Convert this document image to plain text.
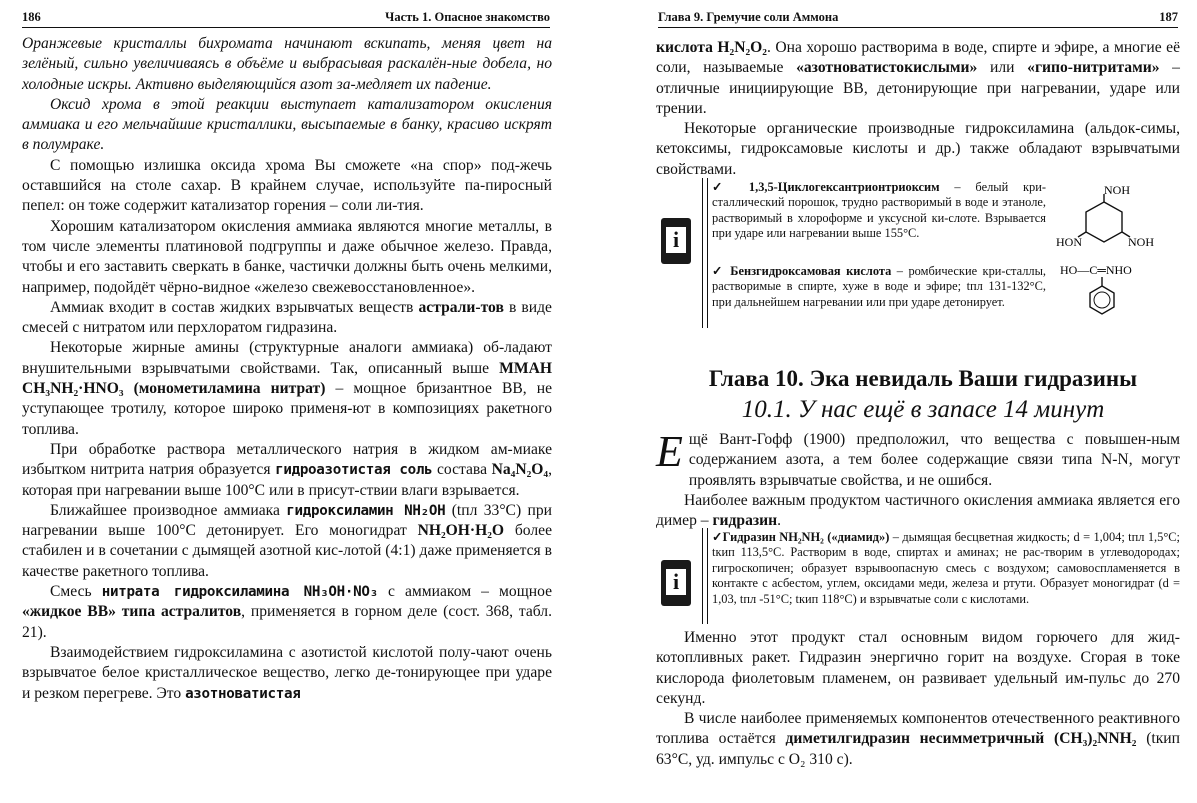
186	Часть 1. Опасное знакомство

Оранжевые кристаллы бихромата начинают вскипать, меняя цвет на зелёный, сильно увеличиваясь в объёме и выбрасывая раскалён-ные добела, но холодные искры. Активно выделяющийся азот за-медляет их падение.

Оксид хрома в этой реакции выступает катализатором окисления аммиака и его мельчайшие кристаллики, высыпаемые в банку, красиво искрят в полумраке.

С помощью излишка оксида хрома Вы сможете «на спор» под-жечь оставшийся на столе сахар. В крайнем случае, используйте па-пиросный пепел: он тоже содержит катализатор горения – соли ли-тия.

Хорошим катализатором окисления аммиака являются многие металлы, в том числе элементы платиновой подгруппы и даже обычное железо. Правда, чтобы и его заставить сверкать в банке, частички должны быть очень мелкими, например, подойдёт чёрно-видное «железо свежевосстановленное».

Аммиак входит в состав жидких взрывчатых веществ астрали-тов в виде смесей с нитратом или перхлоратом гидразина.

Некоторые жирные амины (структурные аналоги аммиака) об-ладают внушительными взрывчатыми свойствами. Так, описанный выше ММАН CH₃NH₂·HNO₃ (монометиламина нитрат) – мощное бризантное ВВ, не уступающее тротилу, которое широко применя-ют в композициях ракетного топлива.

При обработке раствора металлического натрия в жидком ам-миаке избытком нитрита натрия образуется гидроазотистая соль состава Na₄N₂O₄, которая при нагревании выше 100°C или в присут-ствии влаги взрывается.

Ближайшее производное аммиака гидроксиламин NH₂OH (tпл 33°C) при нагревании выше 100°C детонирует. Его моногидрат NH₂OH·H₂O более стабилен и в сочетании с дымящей азотной кис-лотой (4:1) даже применяется в качестве ракетного топлива.

Смесь нитрата гидроксиламина NH₃OH·NO₃ с аммиаком – мощное «жидкое ВВ» типа астралитов, применяется в горном деле (сост. 368, табл. 21).

Взаимодействием гидроксиламина с азотистой кислотой полу-чают очень взрывчатое белое кристаллическое вещество, легко де-тонирующее при ударе и резком перегреве. Это азотноватистая

Глава 9. Гремучие соли Аммона	187

кислота H₂N₂O₂. Она хорошо растворима в воде, спирте и эфире, а многие её соли, называемые «азотноватистокислыми» или «гипо-нитритами» – отличные инициирующие ВВ, детонирующие при нагревании, ударе или трении.

Некоторые органические производные гидроксиламина (альдок-симы, кетоксимы, гидроксамовые кислоты и др.) также обладают взрывчатыми свойствами.

i
✓ 1,3,5-Циклогексантрионтриоксим – белый кри-сталлический порошок, трудно растворимый в воде и этаноле, растворимый в хлороформе и уксусной ки-слоте. Взрывается при ударе или нагревании выше 155°C.
✓ Бензгидроксамовая кислота – ромбические кри-сталлы, растворимые в спирте, хуже в воде и эфире; tпл 131-132°C, при дальнейшем нагревании или при ударе детонирует.
NOH
HON	NOH
HO—C═NHO
Глава 10. Эка невидаль Ваши гидразины
10.1. У нас ещё в запасе 14 минут

Ещё Вант-Гофф (1900) предположил, что вещества с повышен-ным содержанием азота, а тем более содержащие связи типа N-N, могут проявлять взрывчатые свойства, и не ошибся.

Наиболее важным продуктом частичного окисления аммиака является его димер – гидразин.

i
✓Гидразин NH₂NH₂ («диамид») – дымящая бесцветная жидкость; d = 1,004; tпл 1,5°C; tкип 113,5°C. Растворим в воде, спиртах и аминах; не рас-творим в углеводородах; гигроскопичен; образует взрывоопасную смесь с воздухом; самовоспламеняется в контакте с асбестом, углем, оксидами меди, железа и ртути. Образует моногидрат (d = 1,03, tпл -51°C; tкип 118°C) и взрывчатые соли с кислотами.

Именно этот продукт стал основным видом горючего для жид-котопливных ракет. Гидразин энергично горит на воздухе. Сгорая в токе кислорода фиолетовым пламенем, он развивает удельный им-пульс до 270 секунд.

В числе наиболее применяемых компонентов отечественного реактивного топлива остаётся диметилгидразин несимметричный (CH₃)₂NNH₂ (tкип 63°C, уд. импульс с O₂ 310 с).
